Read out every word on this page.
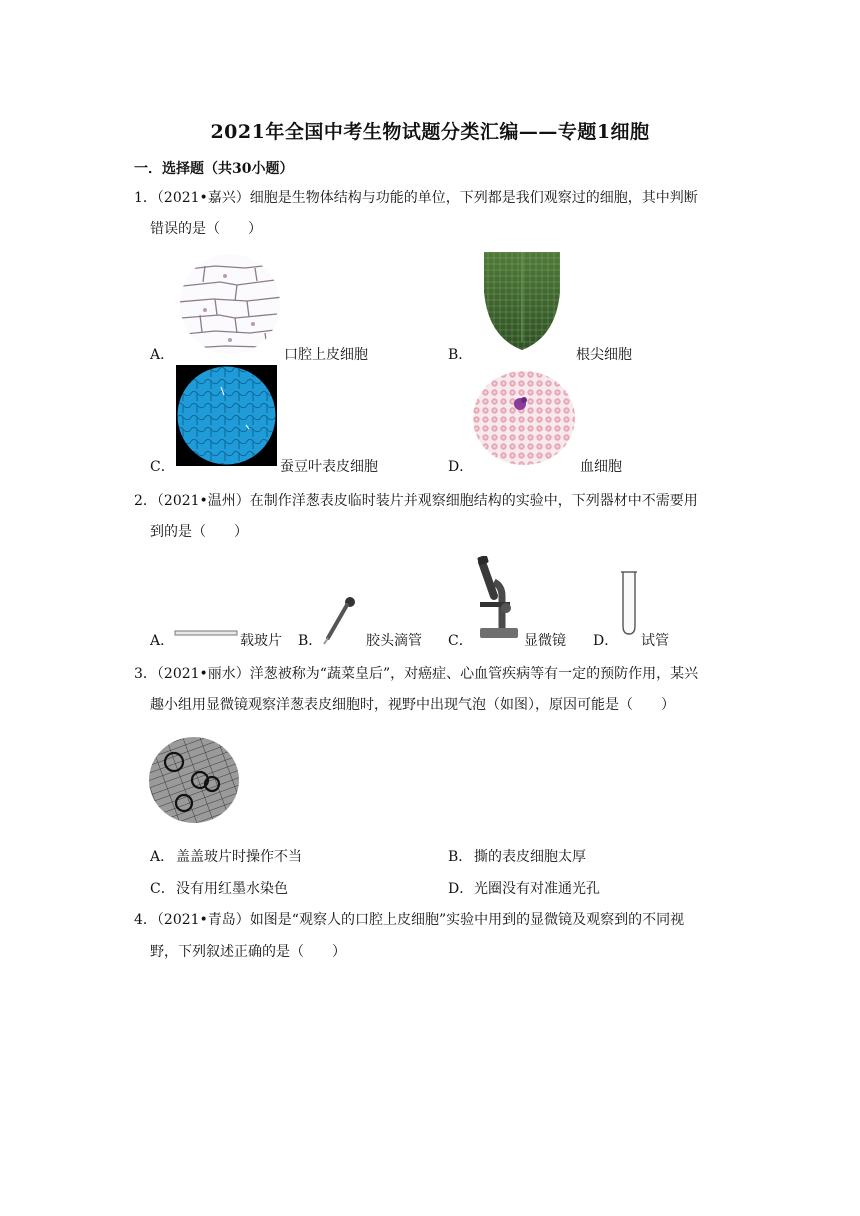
2021年全国中考生物试题分类汇编——专题1细胞
一．选择题（共30小题）
1．（2021•嘉兴）细胞是生物体结构与功能的单位，下列都是我们观察过的细胞，其中判断
错误的是（　　）
A．	口腔上皮细胞	B．	根尖细胞
C．	蚕豆叶表皮细胞	D．	血细胞
2．（2021•温州）在制作洋葱表皮临时装片并观察细胞结构的实验中，下列器材中不需要用
到的是（　　）
A．	载玻片 B．	胶头滴管 C．	显微镜 D． 试管
3．（2021•丽水）洋葱被称为“蔬菜皇后”，对癌症、心血管疾病等有一定的预防作用，某兴
趣小组用显微镜观察洋葱表皮细胞时，视野中出现气泡（如图），原因可能是（　　）
A． 盖盖玻片时操作不当	B． 撕的表皮细胞太厚
C． 没有用红墨水染色	D． 光圈没有对准通光孔
4．（2021•青岛）如图是“观察人的口腔上皮细胞”实验中用到的显微镜及观察到的不同视
野，下列叙述正确的是（　　）
